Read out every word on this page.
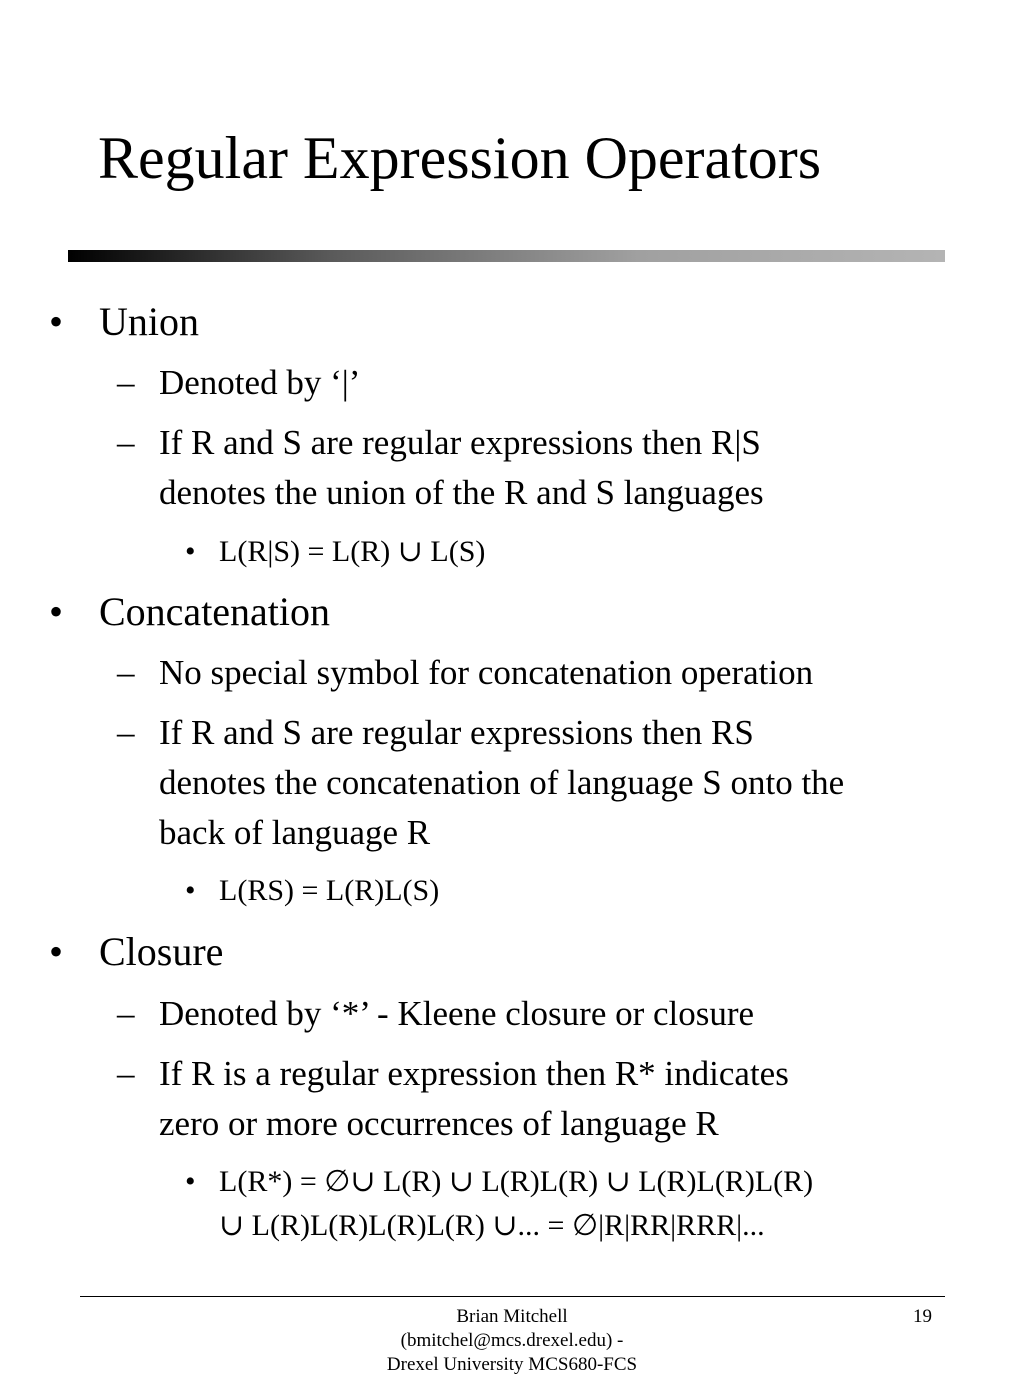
Regular Expression Operators
• Union
– Denoted by ‘|’
– If R and S are regular expressions then R|S
denotes the union of the R and S languages
• L(R|S) = L(R) ∪ L(S)
• Concatenation
– No special symbol for concatenation operation
– If R and S are regular expressions then RS
denotes the concatenation of language S onto the
back of language R
• L(RS) = L(R)L(S)
• Closure
– Denoted by ‘*’ - Kleene closure or closure
– If R is a regular expression then R* indicates
zero or more occurrences of language R
• L(R*) = ∅∪ L(R) ∪ L(R)L(R) ∪ L(R)L(R)L(R)
∪ L(R)L(R)L(R)L(R) ∪... = ∅|R|RR|RRR|...
Brian Mitchell
(bmitchel@mcs.drexel.edu) -
Drexel University MCS680-FCS
19
